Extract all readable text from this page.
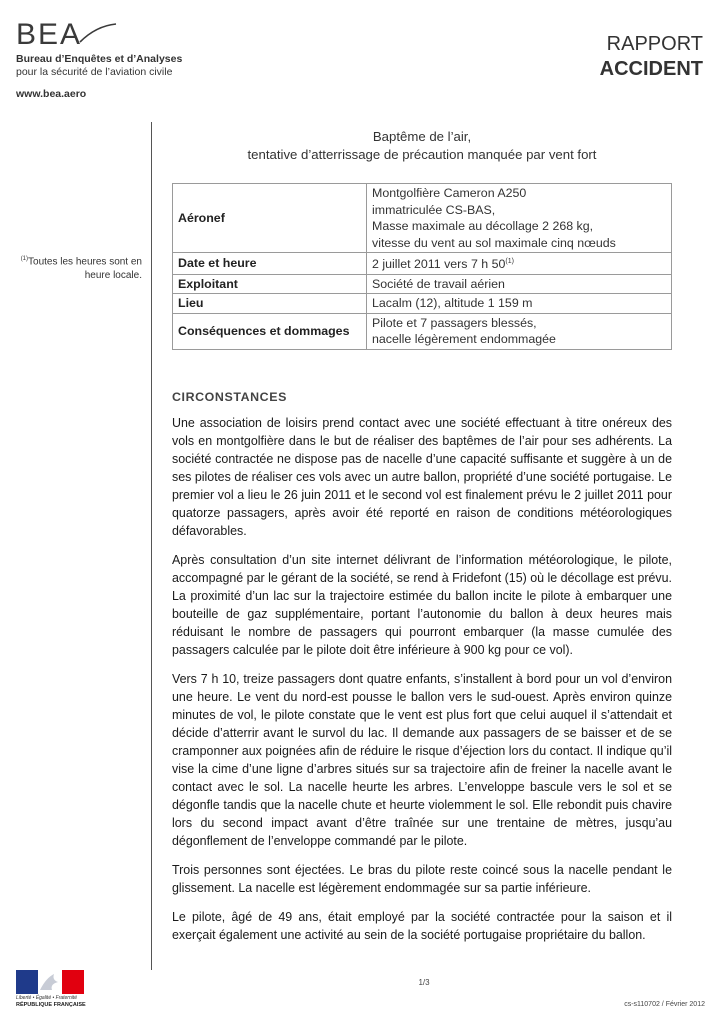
BEA
Bureau d’Enquêtes et d’Analyses
pour la sécurité de l’aviation civile
www.bea.aero
RAPPORT
ACCIDENT
$^{(1)}$Toutes les heures sont en heure locale.
Baptême de l’air,
tentative d’atterrissage de précaution manquée par vent fort
Aéronef	Montgolfière Cameron A250
immatriculée CS-BAS,
Masse maximale au décollage 2 268 kg,
vitesse du vent au sol maximale cinq nœuds

Date et heure	2 juillet 2011 vers 7 h 50$^{(1)}$
Exploitant	Société de travail aérien
Lieu	Lacalm (12), altitude 1 159 m
Conséquences et dommages	Pilote et 7 passagers blessés,
nacelle légèrement endommagée
CIRCONSTANCES

Une association de loisirs prend contact avec une société effectuant à titre onéreux des vols en montgolfière dans le but de réaliser des baptêmes de l’air pour ses adhérents. La société contractée ne dispose pas de nacelle d’une capacité suffisante et suggère à un de ses pilotes de réaliser ces vols avec un autre ballon, propriété d’une société portugaise. Le premier vol a lieu le 26 juin 2011 et le second vol est finalement prévu le 2 juillet 2011 pour quatorze passagers, après avoir été reporté en raison de conditions météorologiques défavorables.

Après consultation d’un site internet délivrant de l’information météorologique, le pilote, accompagné par le gérant de la société, se rend à Fridefont (15) où le décollage est prévu. La proximité d’un lac sur la trajectoire estimée du ballon incite le pilote à embarquer une bouteille de gaz supplémentaire, portant l’autonomie du ballon à deux heures mais réduisant le nombre de passagers qui pourront embarquer (la masse cumulée des passagers calculée par le pilote doit être inférieure à 900 kg pour ce vol).

Vers 7 h 10, treize passagers dont quatre enfants, s’installent à bord pour un vol d’environ une heure. Le vent du nord-est pousse le ballon vers le sud-ouest. Après environ quinze minutes de vol, le pilote constate que le vent est plus fort que celui auquel il s’attendait et décide d’atterrir avant le survol du lac. Il demande aux passagers de se baisser et de se cramponner aux poignées afin de réduire le risque d’éjection lors du contact. Il indique qu’il vise la cime d’une ligne d’arbres situés sur sa trajectoire afin de freiner la nacelle avant le contact avec le sol. La nacelle heurte les arbres. L’enveloppe bascule vers le sol et se dégonfle tandis que la nacelle chute et heurte violemment le sol. Elle rebondit puis chavire lors du second impact avant d’être traînée sur une trentaine de mètres, jusqu’au dégonflement de l’enveloppe commandé par le pilote.

Trois personnes sont éjectées. Le bras du pilote reste coincé sous la nacelle pendant le glissement. La nacelle est légèrement endommagée sur sa partie inférieure.

Le pilote, âgé de 49 ans, était employé par la société contractée pour la saison et il exerçait également une activité au sein de la société portugaise propriétaire du ballon.

Liberté • Égalité • Fraternité
RÉPUBLIQUE FRANÇAISE
1/3
cs-s110702 / Février 2012
